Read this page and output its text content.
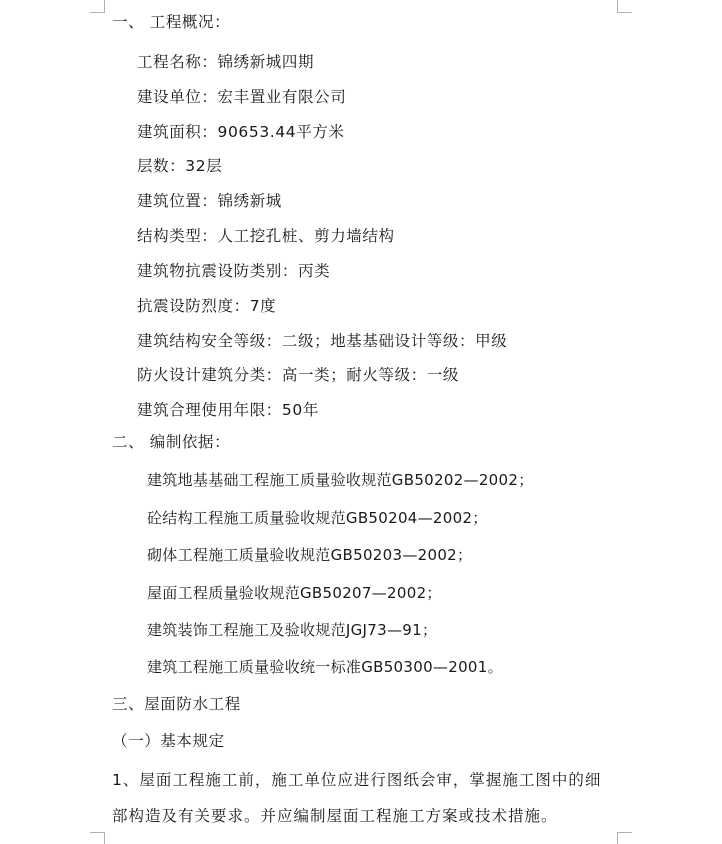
一、 工程概况：
工程名称：锦绣新城四期
建设单位：宏丰置业有限公司
建筑面积：90653.44平方米
层数：32层
建筑位置：锦绣新城
结构类型：人工挖孔桩、剪力墙结构
建筑物抗震设防类别：丙类
抗震设防烈度：7度
建筑结构安全等级：二级；地基基础设计等级：甲级
防火设计建筑分类：高一类；耐火等级：一级
建筑合理使用年限：50年
二、 编制依据：
建筑地基基础工程施工质量验收规范GB50202—2002；
砼结构工程施工质量验收规范GB50204—2002；
砌体工程施工质量验收规范GB50203—2002；
屋面工程质量验收规范GB50207—2002；
建筑装饰工程施工及验收规范JGJ73—91；
建筑工程施工质量验收统一标准GB50300—2001。
三、屋面防水工程
（一）基本规定
1、屋面工程施工前，施工单位应进行图纸会审，掌握施工图中的细
部构造及有关要求。并应编制屋面工程施工方案或技术措施。
